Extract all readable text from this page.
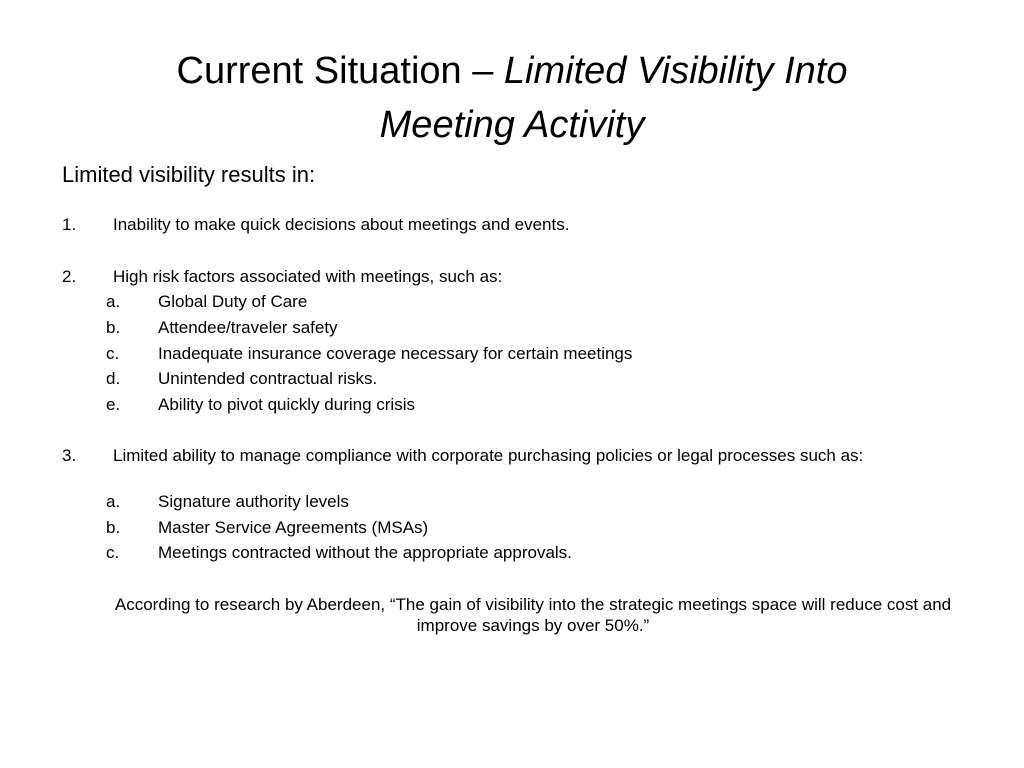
Current Situation – Limited Visibility Into
Meeting Activity

Limited visibility results in:

1. Inability to make quick decisions about meetings and events.
2. High risk factors associated with meetings, such as:
a. Global Duty of Care
b. Attendee/traveler safety
c. Inadequate insurance coverage necessary for certain meetings
d. Unintended contractual risks.
e. Ability to pivot quickly during crisis
3. Limited ability to manage compliance with corporate purchasing policies or legal processes such as:
a. Signature authority levels
b. Master Service Agreements (MSAs)
c. Meetings contracted without the appropriate approvals.
According to research by Aberdeen, “The gain of visibility into the strategic meetings space will reduce cost and improve savings by over 50%.”
